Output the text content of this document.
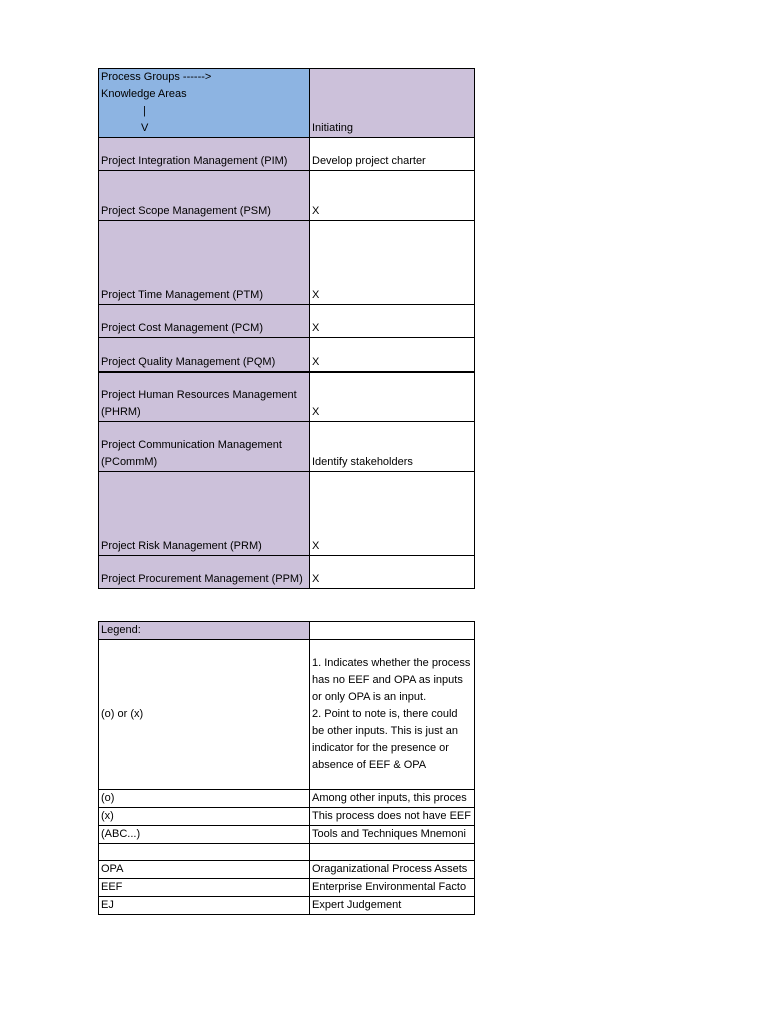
Process Groups ------>
Knowledge Areas
|
V	Initiating
Project Integration Management (PIM)	Develop project charter
Project Scope Management (PSM)	X
Project Time Management (PTM)	X
Project Cost Management (PCM)	X
Project Quality Management (PQM)	X
Project Human Resources Management (PHRM)	X
Project Communication Management (PCommM)	Identify stakeholders
Project Risk Management (PRM)	X
Project Procurement Management (PPM)	X
Legend:	
(o) or (x)	1. Indicates whether the process has no EEF and OPA as inputs or only OPA is an input.
2. Point to note is, there could be other inputs. This is just an indicator for the presence or absence of EEF & OPA
(o)	Among other inputs, this proces
(x)	This process does not have EEF
(ABC...)	Tools and Techniques Mnemoni

OPA	Oraganizational Process Assets
EEF	Enterprise Environmental Facto
EJ	Expert Judgement
